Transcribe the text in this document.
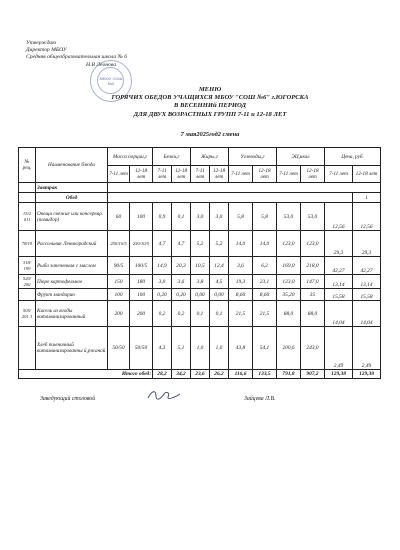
Утверждаю
Директор МБОУ
Средняя общеобразовательная школа № 6
Н.В Леонова
МБОУ СОШ №6
МЕНЮ
ГОРЯЧИХ ОБЕДОВ УЧАЩИХСЯ МБОУ "СОШ №6" г.ЮГОРСКА
В ВЕСЕННИй ПЕРИОД
ДЛЯ ДВУХ ВОЗРАСТНЫХ ГРУПП 7-11 и 12-18 ЛЕТ
7 мая2025год2 смена
№ рец.	Наименование блюда	Масса порции,г		Белки,г		Жиры,г		Углеводы,г		ЭЦ,ккал		Цена, руб.	
		7-11 лет	12-18 лет	7-11 лет	12-18 лет	7-11 лет	12-18 лет	7-11 лет	12-18 лет	7-11 лет	12-18 лет	7-11 лет	12-18 лет
	Завтрак												
	Обед												1
15/2 011	Овощи свежие или консервир.(помидор)	60	100	0,9	0,1	3,0	3,0	5,8	5,8	53,0	53,0	12,56	12,56
78/19	Рассольник Ленинградский	250/10/5	250/10/5	4,7	4,7	5,2	5,2	14,0	14,0	123,0	123,0	29,3	29,3
318/ 199	Рыба запеченная с маслом	90/5	100/5	14,9	20,3	10,5	12,4	3,6	6,2	169,0	218,0	42,27	42,27
520/ 200	Пюре картофельное	150	180	3,0	3,6	3,8	4,5	19,3	23,1	123,0	147,0	13,14	13,14
	Фрукт мандарин	100	100	0,20	0,20	0,00	0,00	8,60	8,60	35,20	35	15,58	15,58
505/ 201 3	Кисель из ягоды витаминизированный	200	200	0,2	0,2	0,1	0,1	21,5	21,5	88,0	88,0	14,04	14,04
	Хлеб пшеничный витаминизированны й,ржаной	50/50	50/50	4,3	5,1	1,0	1,0	43,8	54,1	200,6	243,0	2,49	2,49
Итого обед:				28,2	34,2	23,6	26,2	116,6	133,5	791,8	907,2	129,38	129,38
Заведующий столовой	Зайцева Л.В.
